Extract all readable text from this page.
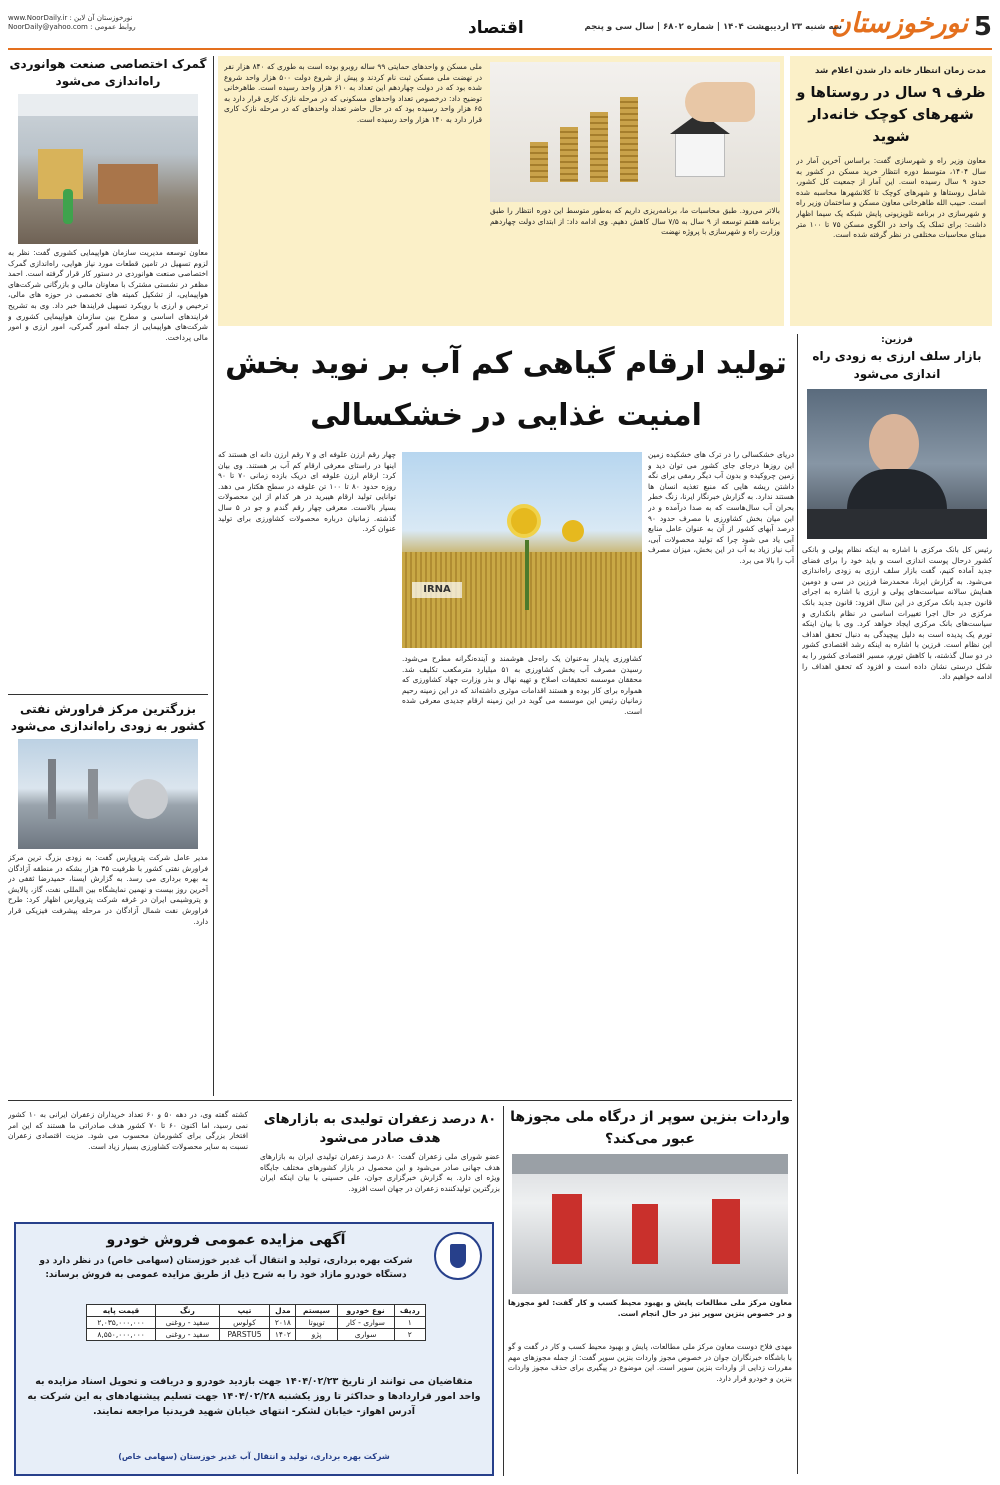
5
نورخوزستان
سه شنبه ۲۳ اردیبهشت ۱۴۰۴ | شماره ۶۸۰۲ | سال سی و پنجم
اقتصاد
www.NoorDaily.ir نورخوزستان آن لاین :
NoorDaily@yahoo.com روابط عمومی :
گمرک اختصاصی صنعت هوانوردی راه‌اندازی می‌شود
معاون توسعه مدیریت سازمان هواپیمایی کشوری گفت: نظر به لزوم تسهیل در تامین قطعات مورد نیاز هوایی، راه‌اندازی گمرک اختصاصی صنعت هوانوردی در دستور کار قرار گرفته است. احمد مظفر در نشستی مشترک با معاونان مالی و بازرگانی شرکت‌های هواپیمایی، از تشکیل کمیته های تخصصی در حوزه های مالی، ترخیص و ارزی با رویکرد تسهیل فرایندها خبر داد. وی به تشریح فرایندهای اساسی و مطرح بین سازمان هواپیمایی کشوری و شرکت‌های هواپیمایی از جمله امور گمرکی، امور ارزی و امور مالی پرداخت.
بزرگترین مرکز فراورش نفتی کشور به زودی راه‌اندازی می‌شود
مدیر عامل شرکت پتروپارس گفت: به زودی بزرگ ترین مرکز فراورش نفتی کشور با ظرفیت ۳۵ هزار بشکه در منطقه آزادگان به بهره برداری می رسد. به گزارش ایسنا، حمیدرضا ثقفی در آخرین روز بیست و نهمین نمایشگاه بین المللی نفت، گاز، پالایش و پتروشیمی ایران در غرفه شرکت پتروپارس اظهار کرد: طرح فراورش نفت شمال آزادگان در مرحله پیشرفت فیزیکی قرار دارد.
ملی مسکن و واحدهای حمایتی ۹۹ ساله روبرو بوده است به طوری که ۸۴۰ هزار نفر در نهضت ملی مسکن ثبت نام کردند و پیش از شروع دولت ۵۰۰ هزار واحد شروع شده بود که در دولت چهاردهم این تعداد به ۶۱۰ هزار واحد رسیده است. طاهرخانی توضیح داد: درخصوص تعداد واحدهای مسکونی که در مرحله نازک کاری قرار دارد به ۶۵ هزار واحد رسیده بود که در حال حاضر تعداد واحدهای که در مرحله نازک کاری قرار دارد به ۱۴۰ هزار واحد رسیده است.
بالاتر می‌رود. طبق محاسبات ما، برنامه‌ریزی داریم که به‌طور متوسط این دوره انتظار را طبق برنامه هفتم توسعه از ۹ سال به ۷/۵ سال کاهش دهیم. وی ادامه داد: از ابتدای دولت چهاردهم وزارت راه و شهرسازی با پروژه نهضت
مدت زمان انتظار خانه دار شدن اعلام شد
ظرف ۹ سال در روستاها و شهرهای کوچک خانه‌دار شوید
معاون وزیر راه و شهرسازی گفت: براساس آخرین آمار در سال ۱۴۰۴، متوسط دوره انتظار خرید مسکن در کشور به حدود ۹ سال رسیده است. این آمار از جمعیت کل کشور، شامل روستاها و شهرهای کوچک تا کلانشهرها محاسبه شده است. حبیب الله طاهرخانی معاون مسکن و ساختمان وزیر راه و شهرسازی در برنامه تلویزیونی پایش شبکه یک سیما اظهار داشت: برای تملک یک واحد در الگوی مسکن ۷۵ تا ۱۰۰ متر مبنای محاسبات مختلفی در نظر گرفته شده است.
فرزین:
بازار سلف ارزی به زودی راه اندازی می‌شود
رئیس کل بانک مرکزی با اشاره به اینکه نظام پولی و بانکی کشور درحال پوست اندازی است و باید خود را برای فضای جدید آماده کنیم، گفت بازار سلف ارزی به زودی راه‌اندازی می‌شود. به گزارش ایرنا، محمدرضا فرزین در سی و دومین همایش سالانه سیاست‌های پولی و ارزی با اشاره به اجرای قانون جدید بانک مرکزی در این سال افزود: قانون جدید بانک مرکزی در حال اجرا تغییرات اساسی در نظام بانکداری و سیاست‌های بانک مرکزی ایجاد خواهد کرد. وی با بیان اینکه تورم یک پدیده است به دلیل پیچیدگی به دنبال تحقق اهداف این نظام است. فرزین با اشاره به اینکه رشد اقتصادی کشور در دو سال گذشته، با کاهش تورم، مسیر اقتصادی کشور را به شکل درستی نشان داده است و افزود که تحقق اهداف را ادامه خواهیم داد.
تولید ارقام گیاهی کم آب بر نوید بخش امنیت غذایی در خشکسالی
دریای خشکسالی را در ترک های خشکیده زمین این روزها درجای جای کشور می توان دید و زمین چروکیده و بدون آب دیگر رمقی برای نگه داشتن ریشه هایی که منبع تغذیه انسان ها هستند ندارد. به گزارش خبرنگار ایرنا، زنگ خطر بحران آب سال‌هاست که به صدا درآمده و در این میان بخش کشاورزی با مصرف حدود ۹۰ درصد آبهای کشور از آن به عنوان عامل منابع آبی یاد می شود چرا که تولید محصولات آبی، آب نیاز زیاد به آب در این بخش، میزان مصرف آب را بالا می برد.
IRNA
کشاورزی پایدار به‌عنوان یک راه‌حل هوشمند و آینده‌نگرانه مطرح می‌شود. رسیدن مصرف آب بخش کشاورزی به ۵۱ میلیارد مترمکعب تکلیف شد. محققان موسسه تحقیقات اصلاح و تهیه نهال و بذر وزارت جهاد کشاورزی که همواره برای کار بوده و هستند اقدامات موثری داشته‌اند که در این زمینه رحیم زمانیان رئیس این موسسه می گوید در این زمینه ارقام جدیدی معرفی شده است.
چهار رقم ارزن علوفه ای و ۷ رقم ارزن دانه ای هستند که اینها در راستای معرفی ارقام کم آب بر هستند. وی بیان کرد: ارقام ارزن علوفه ای دریک بازده زمانی ۷۰ تا ۹۰ روزه حدود ۸۰ تا ۱۰۰ تن علوفه در سطح هکتار می دهد. توانایی تولید ارقام هیبرید در هر کدام از این محصولات بسیار بالاست. معرفی چهار رقم گندم و جو در ۵ سال گذشته. زمانیان درباره محصولات کشاورزی برای تولید عنوان کرد.
۸۰ درصد زعفران تولیدی به بازارهای هدف صادر می‌شود
عضو شورای ملی زعفران گفت: ۸۰ درصد زعفران تولیدی ایران به بازارهای هدف جهانی صادر می‌شود و این محصول در بازار کشورهای مختلف جایگاه ویژه ای دارد. به گزارش خبرگزاری جوان، علی حسینی با بیان اینکه ایران بزرگترین تولیدکننده زعفران در جهان است افزود.
کشته گفته وی، در دهه ۵۰ و ۶۰ تعداد خریداران زعفران ایرانی به ۱۰ کشور نمی رسید، اما اکنون ۶۰ تا ۷۰ کشور هدف صادراتی ما هستند که این امر افتخار بزرگی برای کشورمان محسوب می شود. مزیت اقتصادی زعفران نسبت به سایر محصولات کشاورزی بسیار زیاد است.
واردات بنزین سوپر از درگاه ملی مجوزها عبور می‌کند؟
معاون مرکز ملی مطالعات پایش و بهبود محیط کسب و کار گفت: لغو مجوزها و در خصوص بنزین سوپر نیز در حال انجام است.
مهدی فلاح دوست معاون مرکز ملی مطالعات، پایش و بهبود محیط کسب و کار در گفت و گو با باشگاه خبرنگاران جوان در خصوص مجوز واردات بنزین سوپر گفت: از جمله مجوزهای مهم مقررات زدایی از واردات بنزین سوپر است. این موضوع در پیگیری برای حذف مجوز واردات بنزین و خودرو قرار دارد.
آگهی مزایده عمومی فروش خودرو
شرکت بهره برداری، تولید و انتقال آب غدیر خوزستان (سهامی خاص) در نظر دارد دو دستگاه خودرو مازاد خود را به شرح ذیل از طریق مزایده عمومی به فروش برساند:
ردیف	نوع خودرو	سیستم	مدل	تیپ	رنگ	قیمت پایه
۱	سواری - کار	تویوتا	۲۰۱۸	کولوس	سفید - روغنی	۲,۰۳۵,۰۰۰,۰۰۰
۲	سواری	پژو	۱۴۰۲	PARSTU5	سفید - روغنی	۸,۵۵۰,۰۰۰,۰۰۰
متقاضیان می توانند از تاریخ ۱۴۰۴/۰۲/۲۳ جهت بازدید خودرو و دریافت و تحویل اسناد مزایده به واحد امور قراردادها و حداکثر تا روز یکشنبه ۱۴۰۴/۰۲/۲۸ جهت تسلیم پیشنهادهای به این شرکت به آدرس اهواز- خیابان لشکر- انتهای خیابان شهید فریدنیا مراجعه نمایند.
شرکت بهره برداری، تولید و انتقال آب غدیر خوزستان (سهامی خاص)
